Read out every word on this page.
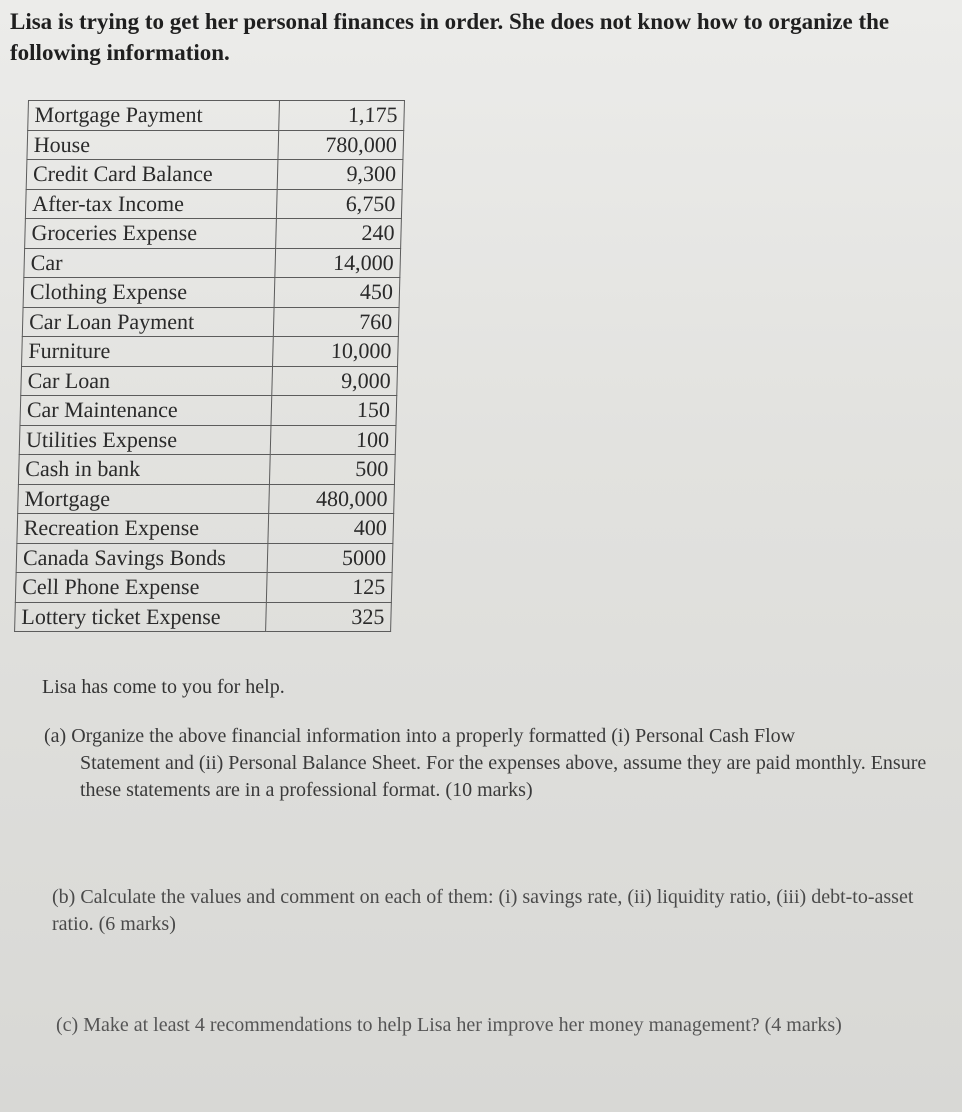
Lisa is trying to get her personal finances in order. She does not know how to organize the following information.
Mortgage Payment	1,175
House	780,000
Credit Card Balance	9,300
After-tax Income	6,750
Groceries Expense	240
Car	14,000
Clothing Expense	450
Car Loan Payment	760
Furniture	10,000
Car Loan	9,000
Car Maintenance	150
Utilities Expense	100
Cash in bank	500
Mortgage	480,000
Recreation Expense	400
Canada Savings Bonds	5000
Cell Phone Expense	125
Lottery ticket Expense	325
Lisa has come to you for help.
(a) Organize the above financial information into a properly formatted (i) Personal Cash Flow
Statement and (ii) Personal Balance Sheet. For the expenses above, assume they are paid monthly. Ensure these statements are in a professional format. (10 marks)
(b) Calculate the values and comment on each of them: (i) savings rate, (ii) liquidity ratio, (iii) debt-to-asset ratio. (6 marks)
(c) Make at least 4 recommendations to help Lisa her improve her money management? (4 marks)
